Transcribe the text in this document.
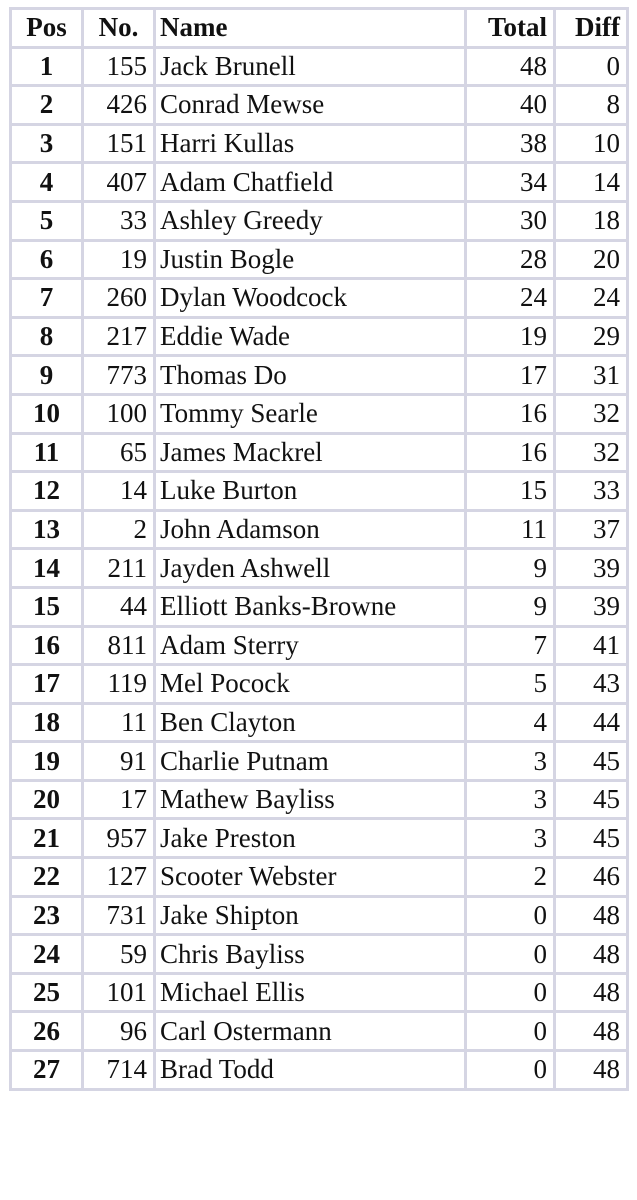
Pos	No.	Name	Total	Diff
1	155	Jack Brunell	48	0
2	426	Conrad Mewse	40	8
3	151	Harri Kullas	38	10
4	407	Adam Chatfield	34	14
5	33	Ashley Greedy	30	18
6	19	Justin Bogle	28	20
7	260	Dylan Woodcock	24	24
8	217	Eddie Wade	19	29
9	773	Thomas Do	17	31
10	100	Tommy Searle	16	32
11	65	James Mackrel	16	32
12	14	Luke Burton	15	33
13	2	John Adamson	11	37
14	211	Jayden Ashwell	9	39
15	44	Elliott Banks-Browne	9	39
16	811	Adam Sterry	7	41
17	119	Mel Pocock	5	43
18	11	Ben Clayton	4	44
19	91	Charlie Putnam	3	45
20	17	Mathew Bayliss	3	45
21	957	Jake Preston	3	45
22	127	Scooter Webster	2	46
23	731	Jake Shipton	0	48
24	59	Chris Bayliss	0	48
25	101	Michael Ellis	0	48
26	96	Carl Ostermann	0	48
27	714	Brad Todd	0	48
